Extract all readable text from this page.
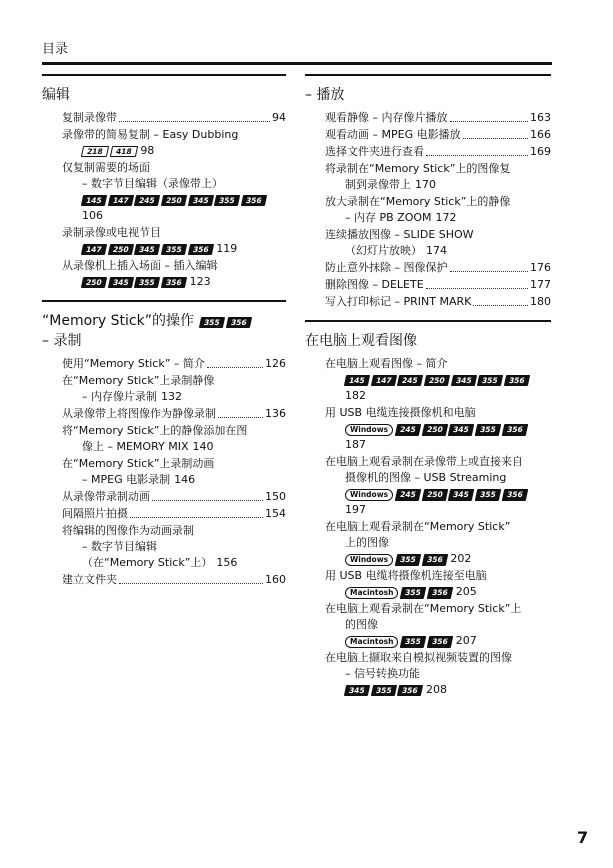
目录
编辑
复制录像带	94
录像带的简易复制 – Easy Dubbing
218	418 98
仅复制需要的场面
– 数字节目编辑（录像带上）
145	147	245	250	345	355	356
106
录制录像或电视节目
147	250	345	355	356 119
从录像机上插入场面 – 插入编辑
250	345	355	356 123
“Memory Stick”的操作	355	356
– 录制
使用“Memory Stick” – 简介	126
在“Memory Stick”上录制静像
– 内存像片录制 132
从录像带上将图像作为静像录制	136
将“Memory Stick”上的静像添加在图
像上 – MEMORY MIX 140
在“Memory Stick”上录制动画
– MPEG 电影录制 146
从录像带录制动画	150
间隔照片拍摄	154
将编辑的图像作为动画录制
– 数字节目编辑
（在“Memory Stick”上） 156
建立文件夹	160
– 播放
观看静像 – 内存像片播放	163
观看动画 – MPEG 电影播放	166
选择文件夹进行查看	169
将录制在“Memory Stick”上的图像复
制到录像带上 170
放大录制在“Memory Stick”上的静像
– 内存 PB ZOOM 172
连续播放图像 – SLIDE SHOW
（幻灯片放映） 174
防止意外抹除 – 图像保护	176
删除图像 – DELETE	177
写入打印标记 – PRINT MARK	180
在电脑上观看图像
在电脑上观看图像 – 简介
145	147	245	250	345	355	356
182
用 USB 电缆连接摄像机和电脑
Windows	245	250	345	355	356
187
在电脑上观看录制在录像带上或直接来自
摄像机的图像 – USB Streaming
Windows	245	250	345	355	356
197
在电脑上观看录制在“Memory Stick”
上的图像
Windows	355	356 202
用 USB 电缆将摄像机连接至电脑
Macintosh	355	356 205
在电脑上观看录制在“Memory Stick”上
的图像
Macintosh	355	356 207
在电脑上撷取来自模拟视频装置的图像
– 信号转换功能
345	355	356 208
7
